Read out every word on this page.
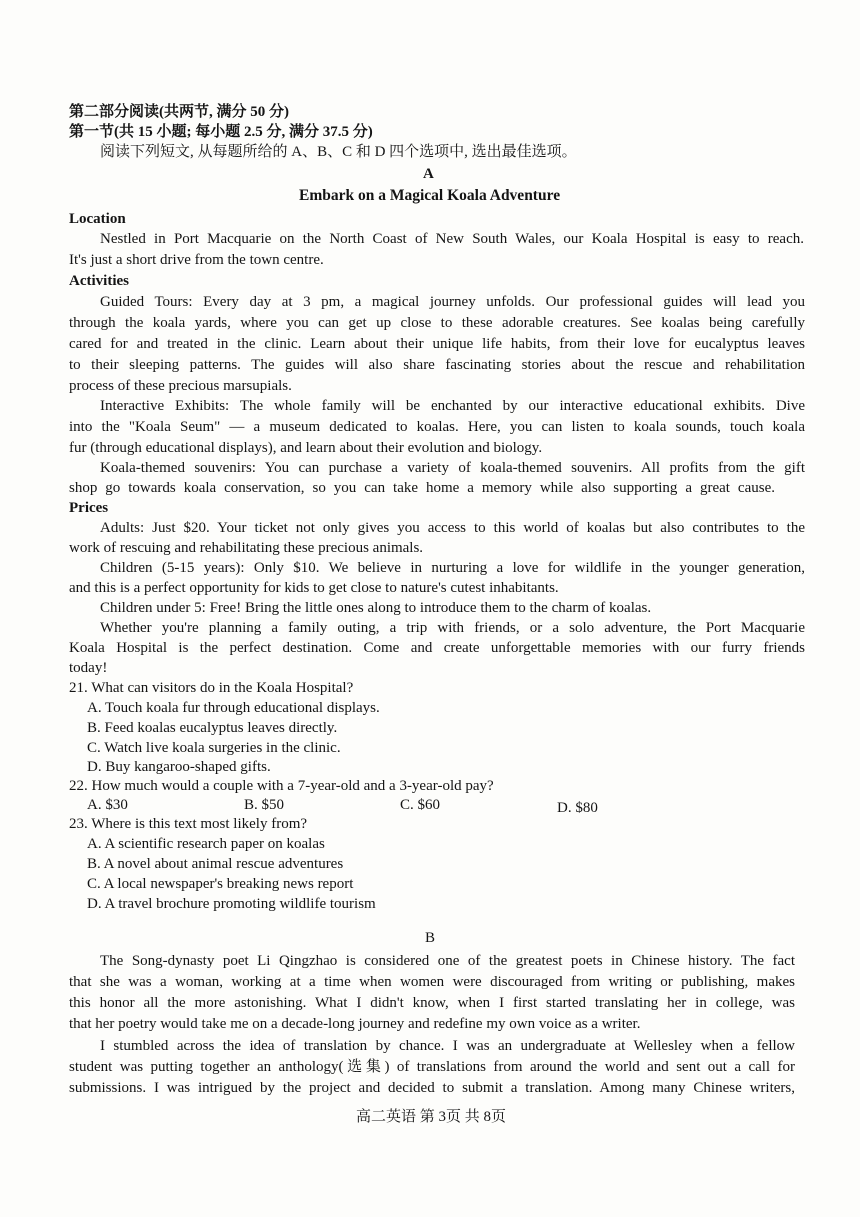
第二部分阅读(共两节, 满分 50 分)
第一节(共 15 小题; 每小题 2.5 分, 满分 37.5 分)
阅读下列短文, 从每题所给的 A、B、C 和 D 四个选项中, 选出最佳选项。
A
Embark on a Magical Koala Adventure
Location
Nestled in Port Macquarie on the North Coast of New South Wales, our Koala Hospital is easy to reach.
It's just a short drive from the town centre.
Activities
Guided Tours: Every day at 3 pm, a magical journey unfolds. Our professional guides will lead you
through the koala yards, where you can get up close to these adorable creatures. See koalas being carefully
cared for and treated in the clinic. Learn about their unique life habits, from their love for eucalyptus leaves
to their sleeping patterns. The guides will also share fascinating stories about the rescue and rehabilitation
process of these precious marsupials.
Interactive Exhibits: The whole family will be enchanted by our interactive educational exhibits. Dive
into the "Koala Seum" — a museum dedicated to koalas. Here, you can listen to koala sounds, touch koala
fur (through educational displays), and learn about their evolution and biology.
Koala-themed souvenirs: You can purchase a variety of koala-themed souvenirs. All profits from the gift
shop go towards koala conservation, so you can take home a memory while also supporting a great cause.
Prices
Adults: Just $20. Your ticket not only gives you access to this world of koalas but also contributes to the
work of rescuing and rehabilitating these precious animals.
Children (5-15 years): Only $10. We believe in nurturing a love for wildlife in the younger generation,
and this is a perfect opportunity for kids to get close to nature's cutest inhabitants.
Children under 5: Free! Bring the little ones along to introduce them to the charm of koalas.
Whether you're planning a family outing, a trip with friends, or a solo adventure, the Port Macquarie
Koala Hospital is the perfect destination. Come and create unforgettable memories with our furry friends
today!
21. What can visitors do in the Koala Hospital?
A. Touch koala fur through educational displays.
B. Feed koalas eucalyptus leaves directly.
C. Watch live koala surgeries in the clinic.
D. Buy kangaroo-shaped gifts.
22. How much would a couple with a 7-year-old and a 3-year-old pay?
A. $30	B. $50	C. $60	D. $80
23. Where is this text most likely from?
A. A scientific research paper on koalas
B. A novel about animal rescue adventures
C. A local newspaper's breaking news report
D. A travel brochure promoting wildlife tourism
B
The Song-dynasty poet Li Qingzhao is considered one of the greatest poets in Chinese history. The fact
that she was a woman, working at a time when women were discouraged from writing or publishing, makes
this honor all the more astonishing. What I didn't know, when I first started translating her in college, was
that her poetry would take me on a decade-long journey and redefine my own voice as a writer.
I stumbled across the idea of translation by chance. I was an undergraduate at Wellesley when a fellow
student was putting together an anthology(选集) of translations from around the world and sent out a call for
submissions. I was intrigued by the project and decided to submit a translation. Among many Chinese writers,
高二英语 第 3页 共 8页
